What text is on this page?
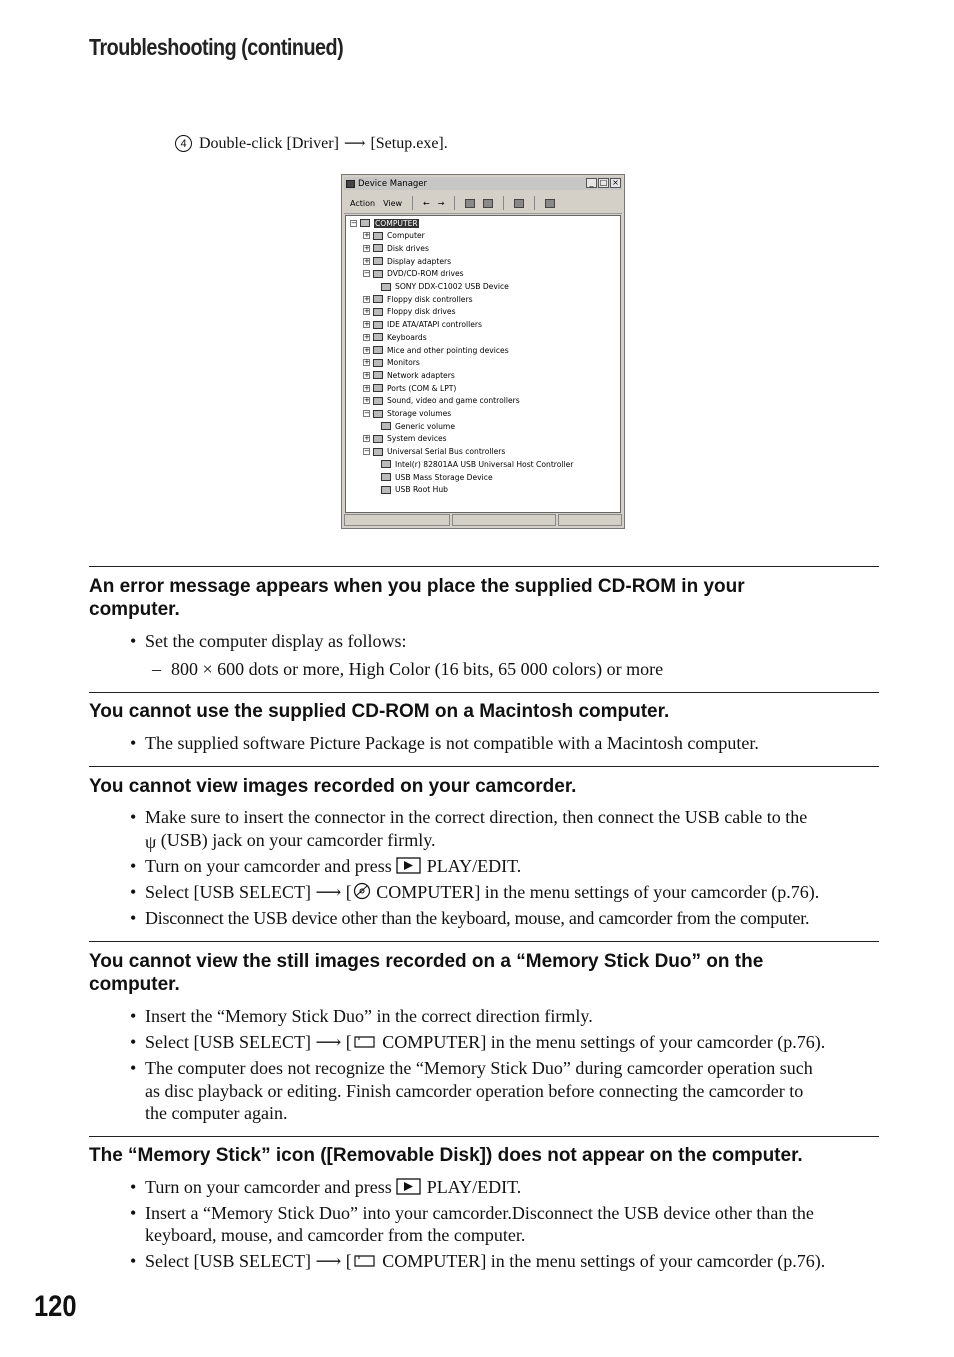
Troubleshooting (continued)
4 Double-click [Driver] ⟶ [Setup.exe].
Device Manager	_ □ ×
Action View	← →
− COMPUTER
+ Computer
+ Disk drives
+ Display adapters
− DVD/CD-ROM drives
SONY DDX-C1002 USB Device
+ Floppy disk controllers
+ Floppy disk drives
+ IDE ATA/ATAPI controllers
+ Keyboards
+ Mice and other pointing devices
+ Monitors
+ Network adapters
+ Ports (COM & LPT)
+ Sound, video and game controllers
− Storage volumes
Generic volume
+ System devices
− Universal Serial Bus controllers
Intel(r) 82801AA USB Universal Host Controller
USB Mass Storage Device
USB Root Hub
An error message appears when you place the supplied CD-ROM in your
computer.
• Set the computer display as follows:
– 800 × 600 dots or more, High Color (16 bits, 65 000 colors) or more
You cannot use the supplied CD-ROM on a Macintosh computer.
• The supplied software Picture Package is not compatible with a Macintosh computer.
You cannot view images recorded on your camcorder.
• Make sure to insert the connector in the correct direction, then connect the USB cable to the
ψ (USB) jack on your camcorder firmly.
• Turn on your camcorder and press PLAY/EDIT.
• Select [USB SELECT] ⟶ [ COMPUTER] in the menu settings of your camcorder (p.76).
• Disconnect the USB device other than the keyboard, mouse, and camcorder from the computer.
You cannot view the still images recorded on a “Memory Stick Duo” on the
computer.
• Insert the “Memory Stick Duo” in the correct direction firmly.
• Select [USB SELECT] ⟶ [ COMPUTER] in the menu settings of your camcorder (p.76).
• The computer does not recognize the “Memory Stick Duo” during camcorder operation such
as disc playback or editing. Finish camcorder operation before connecting the camcorder to
the computer again.
The “Memory Stick” icon ([Removable Disk]) does not appear on the computer.
• Turn on your camcorder and press PLAY/EDIT.
• Insert a “Memory Stick Duo” into your camcorder.Disconnect the USB device other than the
keyboard, mouse, and camcorder from the computer.
• Select [USB SELECT] ⟶ [ COMPUTER] in the menu settings of your camcorder (p.76).
120
